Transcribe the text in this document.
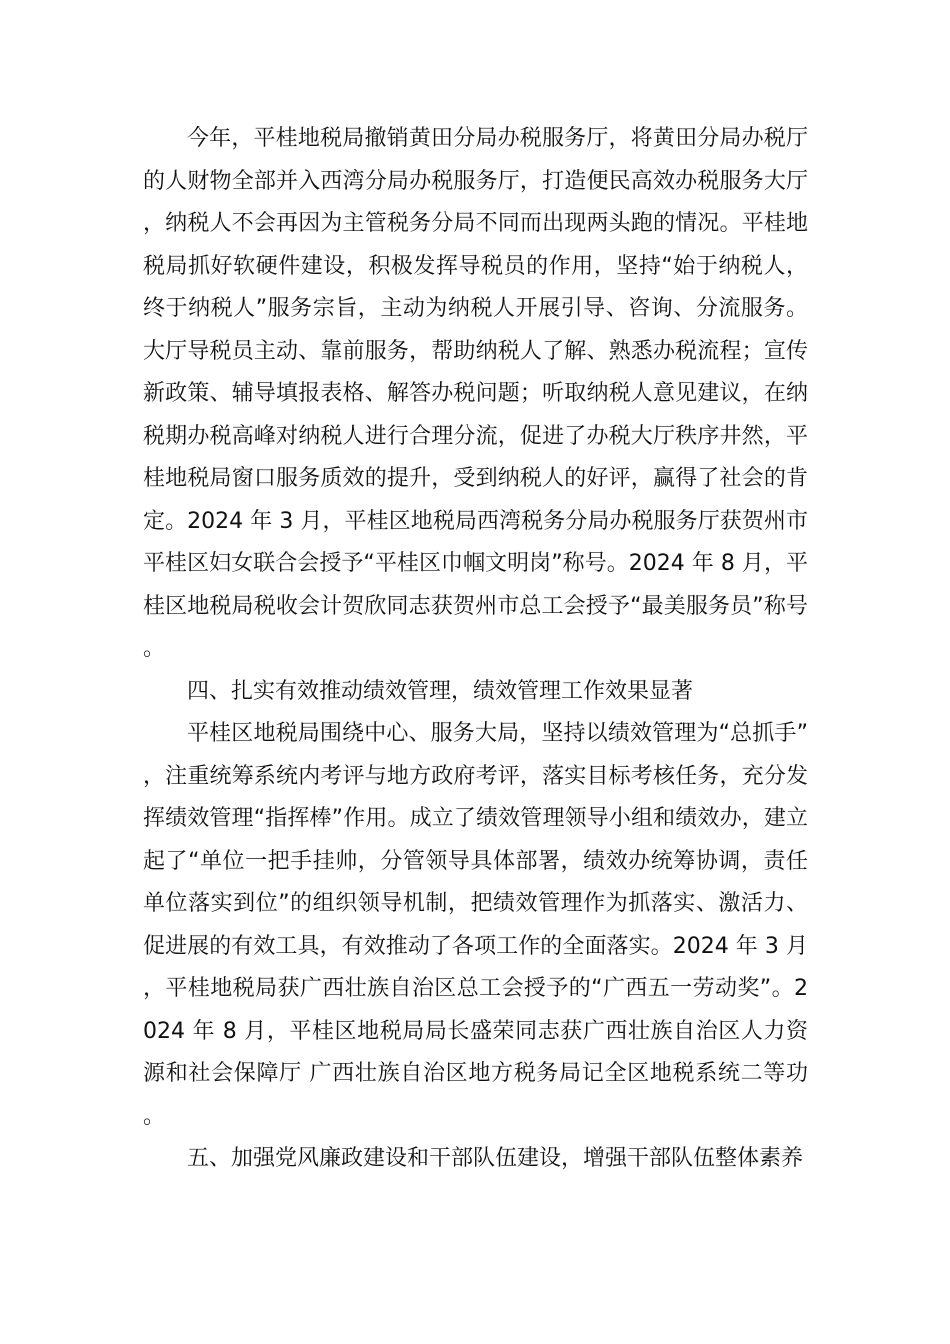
今年，平桂地税局撤销黄田分局办税服务厅，将黄田分局办税厅的人财物全部并入西湾分局办税服务厅，打造便民高效办税服务大厅，纳税人不会再因为主管税务分局不同而出现两头跑的情况。平桂地税局抓好软硬件建设，积极发挥导税员的作用，坚持“始于纳税人，终于纳税人”服务宗旨，主动为纳税人开展引导、咨询、分流服务。大厅导税员主动、靠前服务，帮助纳税人了解、熟悉办税流程；宣传新政策、辅导填报表格、解答办税问题；听取纳税人意见建议，在纳税期办税高峰对纳税人进行合理分流，促进了办税大厅秩序井然，平桂地税局窗口服务质效的提升，受到纳税人的好评，赢得了社会的肯定。2024 年 3 月，平桂区地税局西湾税务分局办税服务厅获贺州市平桂区妇女联合会授予“平桂区巾帼文明岗”称号。2024 年 8 月，平桂区地税局税收会计贺欣同志获贺州市总工会授予“最美服务员”称号。

四、扎实有效推动绩效管理，绩效管理工作效果显著

平桂区地税局围绕中心、服务大局，坚持以绩效管理为“总抓手”，注重统筹系统内考评与地方政府考评，落实目标考核任务，充分发挥绩效管理“指挥棒”作用。成立了绩效管理领导小组和绩效办，建立起了“单位一把手挂帅，分管领导具体部署，绩效办统筹协调，责任单位落实到位”的组织领导机制，把绩效管理作为抓落实、激活力、促进展的有效工具，有效推动了各项工作的全面落实。2024 年 3 月，平桂地税局获广西壮族自治区总工会授予的“广西五一劳动奖”。2024 年 8 月，平桂区地税局局长盛荣同志获广西壮族自治区人力资源和社会保障厅 广西壮族自治区地方税务局记全区地税系统二等功。

五、加强党风廉政建设和干部队伍建设，增强干部队伍整体素养
